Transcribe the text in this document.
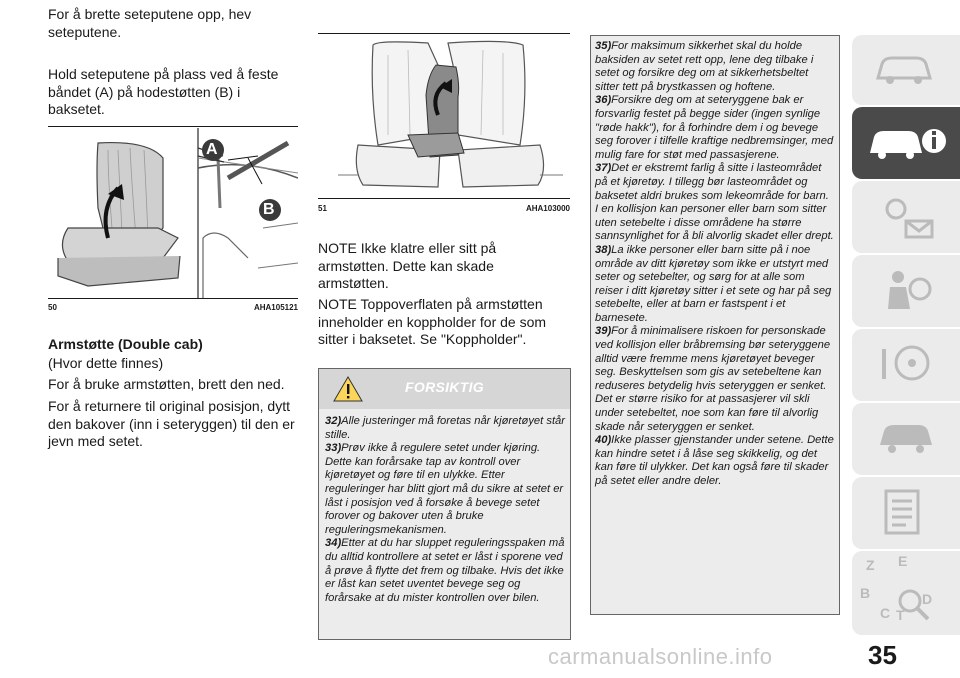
For å brette seteputene opp, hev seteputene.

Hold seteputene på plass ved å feste båndet (A) på hodestøtten (B) i baksetet.

A
B
50	AHA105121
Armstøtte (Double cab)

(Hvor dette finnes)

For å bruke armstøtten, brett den ned.

For å returnere til original posisjon, dytt den bakover (inn i seteryggen) til den er jevn med setet.

51	AHA103000

NOTE Ikke klatre eller sitt på armstøtten. Dette kan skade armstøtten.

NOTE Toppoverflaten på armstøtten inneholder en koppholder for de som sitter i baksetet. Se "Koppholder".

FORSIKTIG
32)Alle justeringer må foretas når kjøretøyet står stille.
33)Prøv ikke å regulere setet under kjøring. Dette kan forårsake tap av kontroll over kjøretøyet og føre til en ulykke. Etter reguleringer har blitt gjort må du sikre at setet er låst i posisjon ved å forsøke å bevege setet forover og bakover uten å bruke reguleringsmekanismen.
34)Etter at du har sluppet reguleringsspaken må du alltid kontrollere at setet er låst i sporene ved å prøve å flytte det frem og tilbake. Hvis det ikke er låst kan setet uventet bevege seg og forårsake at du mister kontrollen over bilen.
35)For maksimum sikkerhet skal du holde baksiden av setet rett opp, lene deg tilbake i setet og forsikre deg om at sikkerhetsbeltet sitter tett på brystkassen og hoftene.
36)Forsikre deg om at seteryggene bak er forsvarlig festet på begge sider (ingen synlige "røde hakk"), for å forhindre dem i og bevege seg forover i tilfelle kraftige nedbremsinger, med mulig fare for støt med passasjerene.
37)Det er ekstremt farlig å sitte i lasteområdet på et kjøretøy. I tillegg bør lasteområdet og baksetet aldri brukes som lekeområde for barn. I en kollisjon kan personer eller barn som sitter uten setebelte i disse områdene ha større sannsynlighet for å bli alvorlig skadet eller drept.
38)La ikke personer eller barn sitte på i noe område av ditt kjøretøy som ikke er utstyrt med seter og setebelter, og sørg for at alle som reiser i ditt kjøretøy sitter i et sete og har på seg setebelte, eller at barn er fastspent i et barnesete.
39)For å minimalisere riskoen for personskade ved kollisjon eller bråbremsing bør seteryggene alltid være fremme mens kjøretøyet beveger seg. Beskyttelsen som gis av setebeltene kan reduseres betydelig hvis seteryggen er senket. Det er større risiko for at passasjerer vil skli under setebeltet, noe som kan føre til alvorlig skade når seteryggen er senket.
40)Ikke plasser gjenstander under setene. Dette kan hindre setet i å låse seg skikkelig, og det kan føre til ulykker. Det kan også føre til skader på setet eller andre deler.
Z E
B
C T
D
35
carmanualsonline.info
